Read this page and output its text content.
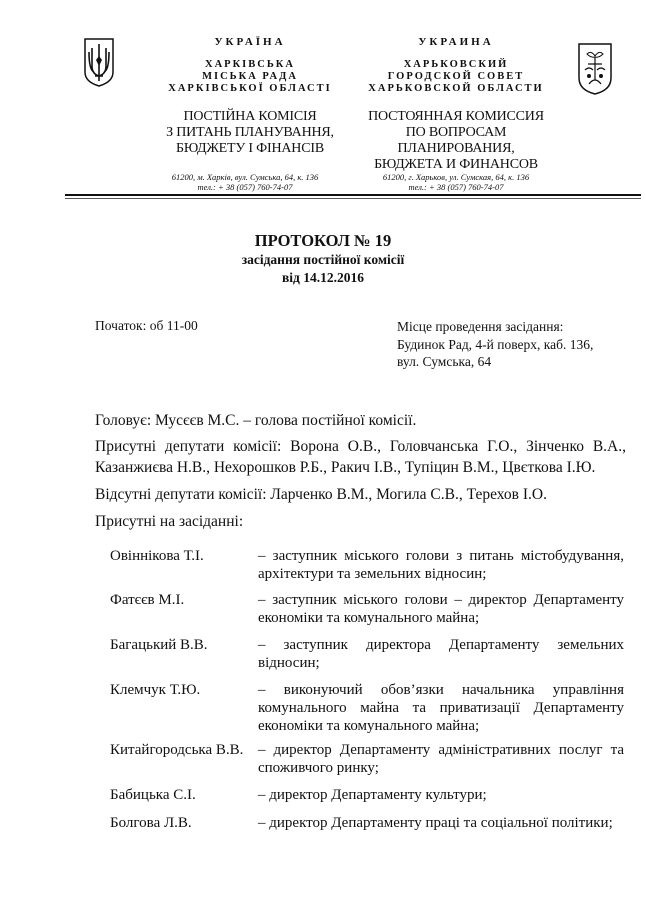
УКРАЇНА
ХАРКІВСЬКА
МІСЬКА РАДА
ХАРКІВСЬКОЇ ОБЛАСТІ
ПОСТІЙНА КОМІСІЯ
З ПИТАНЬ ПЛАНУВАННЯ,
БЮДЖЕТУ І ФІНАНСІВ
УКРАИНА
ХАРЬКОВСКИЙ
ГОРОДСКОЙ СОВЕТ
ХАРЬКОВСКОЙ ОБЛАСТИ
ПОСТОЯННАЯ КОМИССИЯ
ПО ВОПРОСАМ ПЛАНИРОВАНИЯ,
БЮДЖЕТА И ФИНАНСОВ
61200, м. Харків, вул. Сумська, 64, к. 136
тел.: + 38 (057) 760-74-07
61200, г. Харьков, ул. Сумская, 64, к. 136
тел.: + 38 (057) 760-74-07
ПРОТОКОЛ № 19
засідання постійної комісії
від 14.12.2016
Початок: об 11-00	Місце проведення засідання:
Будинок Рад, 4-й поверх, каб. 136,
вул. Сумська, 64
Головує: Мусєєв М.С. – голова постійної комісії.
Присутні депутати комісії: Ворона О.В., Головчанська Г.О., Зінченко В.А., Казанжиєва Н.В., Нехорошков Р.Б., Ракич І.В., Тупіцин В.М., Цвєткова І.Ю.
Відсутні депутати комісії: Ларченко В.М., Могила С.В., Терехов І.О.
Присутні на засіданні:
Овіннікова Т.І.	– заступник міського голови з питань містобудування, архітектури та земельних відносин;
Фатєєв М.І.	– заступник міського голови – директор Департаменту економіки та комунального майна;
Багацький В.В.	– заступник директора Департаменту земельних відносин;
Клемчук Т.Ю.	– виконуючий обов’язки начальника управління комунального майна та приватизації Департаменту економіки та комунального майна;
Китайгородська В.В. – директор Департаменту адміністративних послуг та споживчого ринку;
Бабицька С.І.	– директор Департаменту культури;
Болгова Л.В.	– директор Департаменту праці та соціальної політики;
